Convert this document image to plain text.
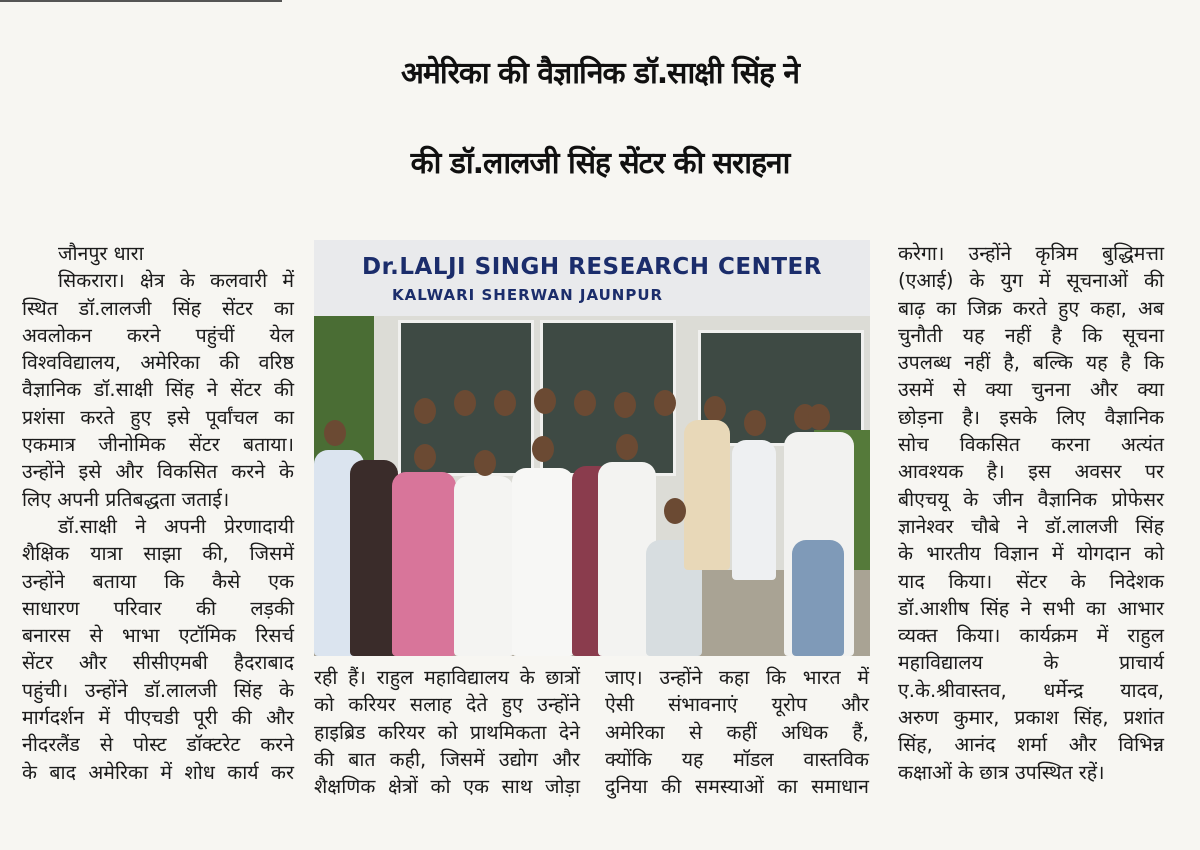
अमेरिका की वैज्ञानिक डॉ.साक्षी सिंह ने
की डॉ.लालजी सिंह सेंटर की सराहना

जौनपुर धारा

सिकरारा। क्षेत्र के कलवारी में

स्थित डॉ.लालजी सिंह सेंटर का

अवलोकन करने पहुंचीं येल

विश्वविद्यालय, अमेरिका की वरिष्ठ

वैज्ञानिक डॉ.साक्षी सिंह ने सेंटर की

प्रशंसा करते हुए इसे पूर्वांचल का

एकमात्र जीनोमिक सेंटर बताया।

उन्होंने इसे और विकसित करने के

लिए अपनी प्रतिबद्धता जताई।

डॉ.साक्षी ने अपनी प्रेरणादायी

शैक्षिक यात्रा साझा की, जिसमें

उन्होंने बताया कि कैसे एक

साधारण परिवार की लड़की

बनारस से भाभा एटॉमिक रिसर्च

सेंटर और सीसीएमबी हैदराबाद

पहुंची। उन्होंने डॉ.लालजी सिंह के

मार्गदर्शन में पीएचडी पूरी की और

नीदरलैंड से पोस्ट डॉक्टरेट करने

के बाद अमेरिका में शोध कार्य कर

Dr.LALJI SINGH RESEARCH CENTER
KALWARI SHERWAN JAUNPUR

रही हैं। राहुल महाविद्यालय के छात्रों

को करियर सलाह देते हुए उन्होंने

हाइब्रिड करियर को प्राथमिकता देने

की बात कही, जिसमें उद्योग और

शैक्षणिक क्षेत्रों को एक साथ जोड़ा

जाए। उन्होंने कहा कि भारत में

ऐसी संभावनाएं यूरोप और

अमेरिका से कहीं अधिक हैं,

क्योंकि यह मॉडल वास्तविक

दुनिया की समस्याओं का समाधान

करेगा। उन्होंने कृत्रिम बुद्धिमत्ता

(एआई) के युग में सूचनाओं की

बाढ़ का जिक्र करते हुए कहा, अब

चुनौती यह नहीं है कि सूचना

उपलब्ध नहीं है, बल्कि यह है कि

उसमें से क्या चुनना और क्या

छोड़ना है। इसके लिए वैज्ञानिक

सोच विकसित करना अत्यंत

आवश्यक है। इस अवसर पर

बीएचयू के जीन वैज्ञानिक प्रोफेसर

ज्ञानेश्वर चौबे ने डॉ.लालजी सिंह

के भारतीय विज्ञान में योगदान को

याद किया। सेंटर के निदेशक

डॉ.आशीष सिंह ने सभी का आभार

व्यक्त किया। कार्यक्रम में राहुल

महाविद्यालय के प्राचार्य

ए.के.श्रीवास्तव, धर्मेन्द्र यादव,

अरुण कुमार, प्रकाश सिंह, प्रशांत

सिंह, आनंद शर्मा और विभिन्न

कक्षाओं के छात्र उपस्थित रहें।
